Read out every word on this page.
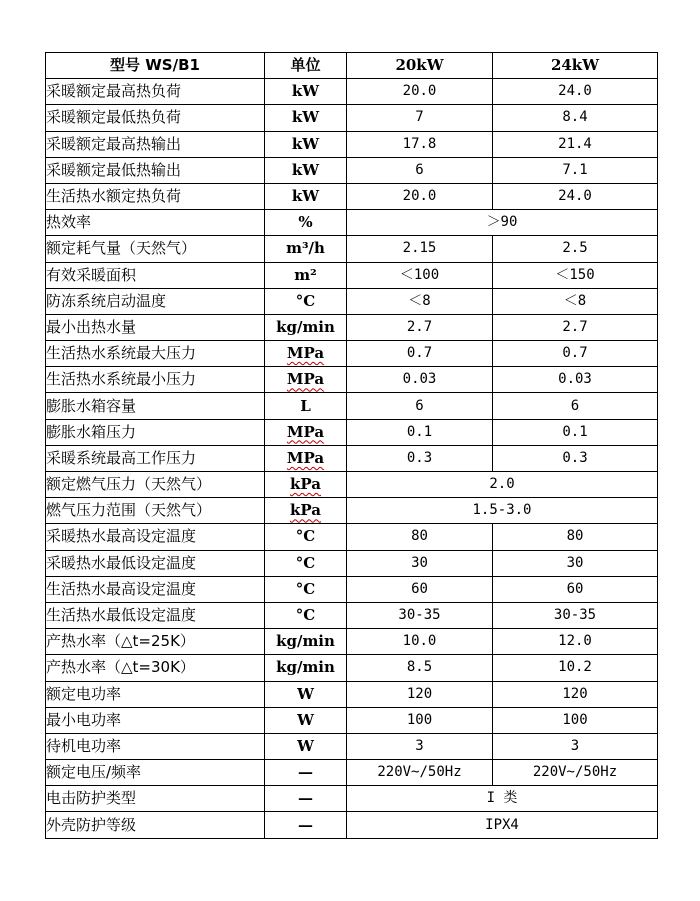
型号 WS/B1	单位	20kW	24kW
采暖额定最高热负荷	kW	20.0	24.0
采暖额定最低热负荷	kW	7	8.4
采暖额定最高热输出	kW	17.8	21.4
采暖额定最低热输出	kW	6	7.1
生活热水额定热负荷	kW	20.0	24.0
热效率	%	＞90	
额定耗气量（天然气）	m³/h	2.15	2.5
有效采暖面积	m²	＜100	＜150
防冻系统启动温度	°C	＜8	＜8
最小出热水量	kg/min	2.7	2.7
生活热水系统最大压力	MPa	0.7	0.7
生活热水系统最小压力	MPa	0.03	0.03
膨胀水箱容量	L	6	6
膨胀水箱压力	MPa	0.1	0.1
采暖系统最高工作压力	MPa	0.3	0.3
额定燃气压力（天然气）	kPa	2.0	
燃气压力范围（天然气）	kPa	1.5-3.0	
采暖热水最高设定温度	°C	80	80
采暖热水最低设定温度	°C	30	30
生活热水最高设定温度	°C	60	60
生活热水最低设定温度	°C	30-35	30-35
产热水率（△t=25K）	kg/min	10.0	12.0
产热水率（△t=30K）	kg/min	8.5	10.2
额定电功率	W	120	120
最小电功率	W	100	100
待机电功率	W	3	3
额定电压/频率	—	220V~/50Hz	220V~/50Hz
电击防护类型	—	I 类	
外壳防护等级	—	IPX4	
